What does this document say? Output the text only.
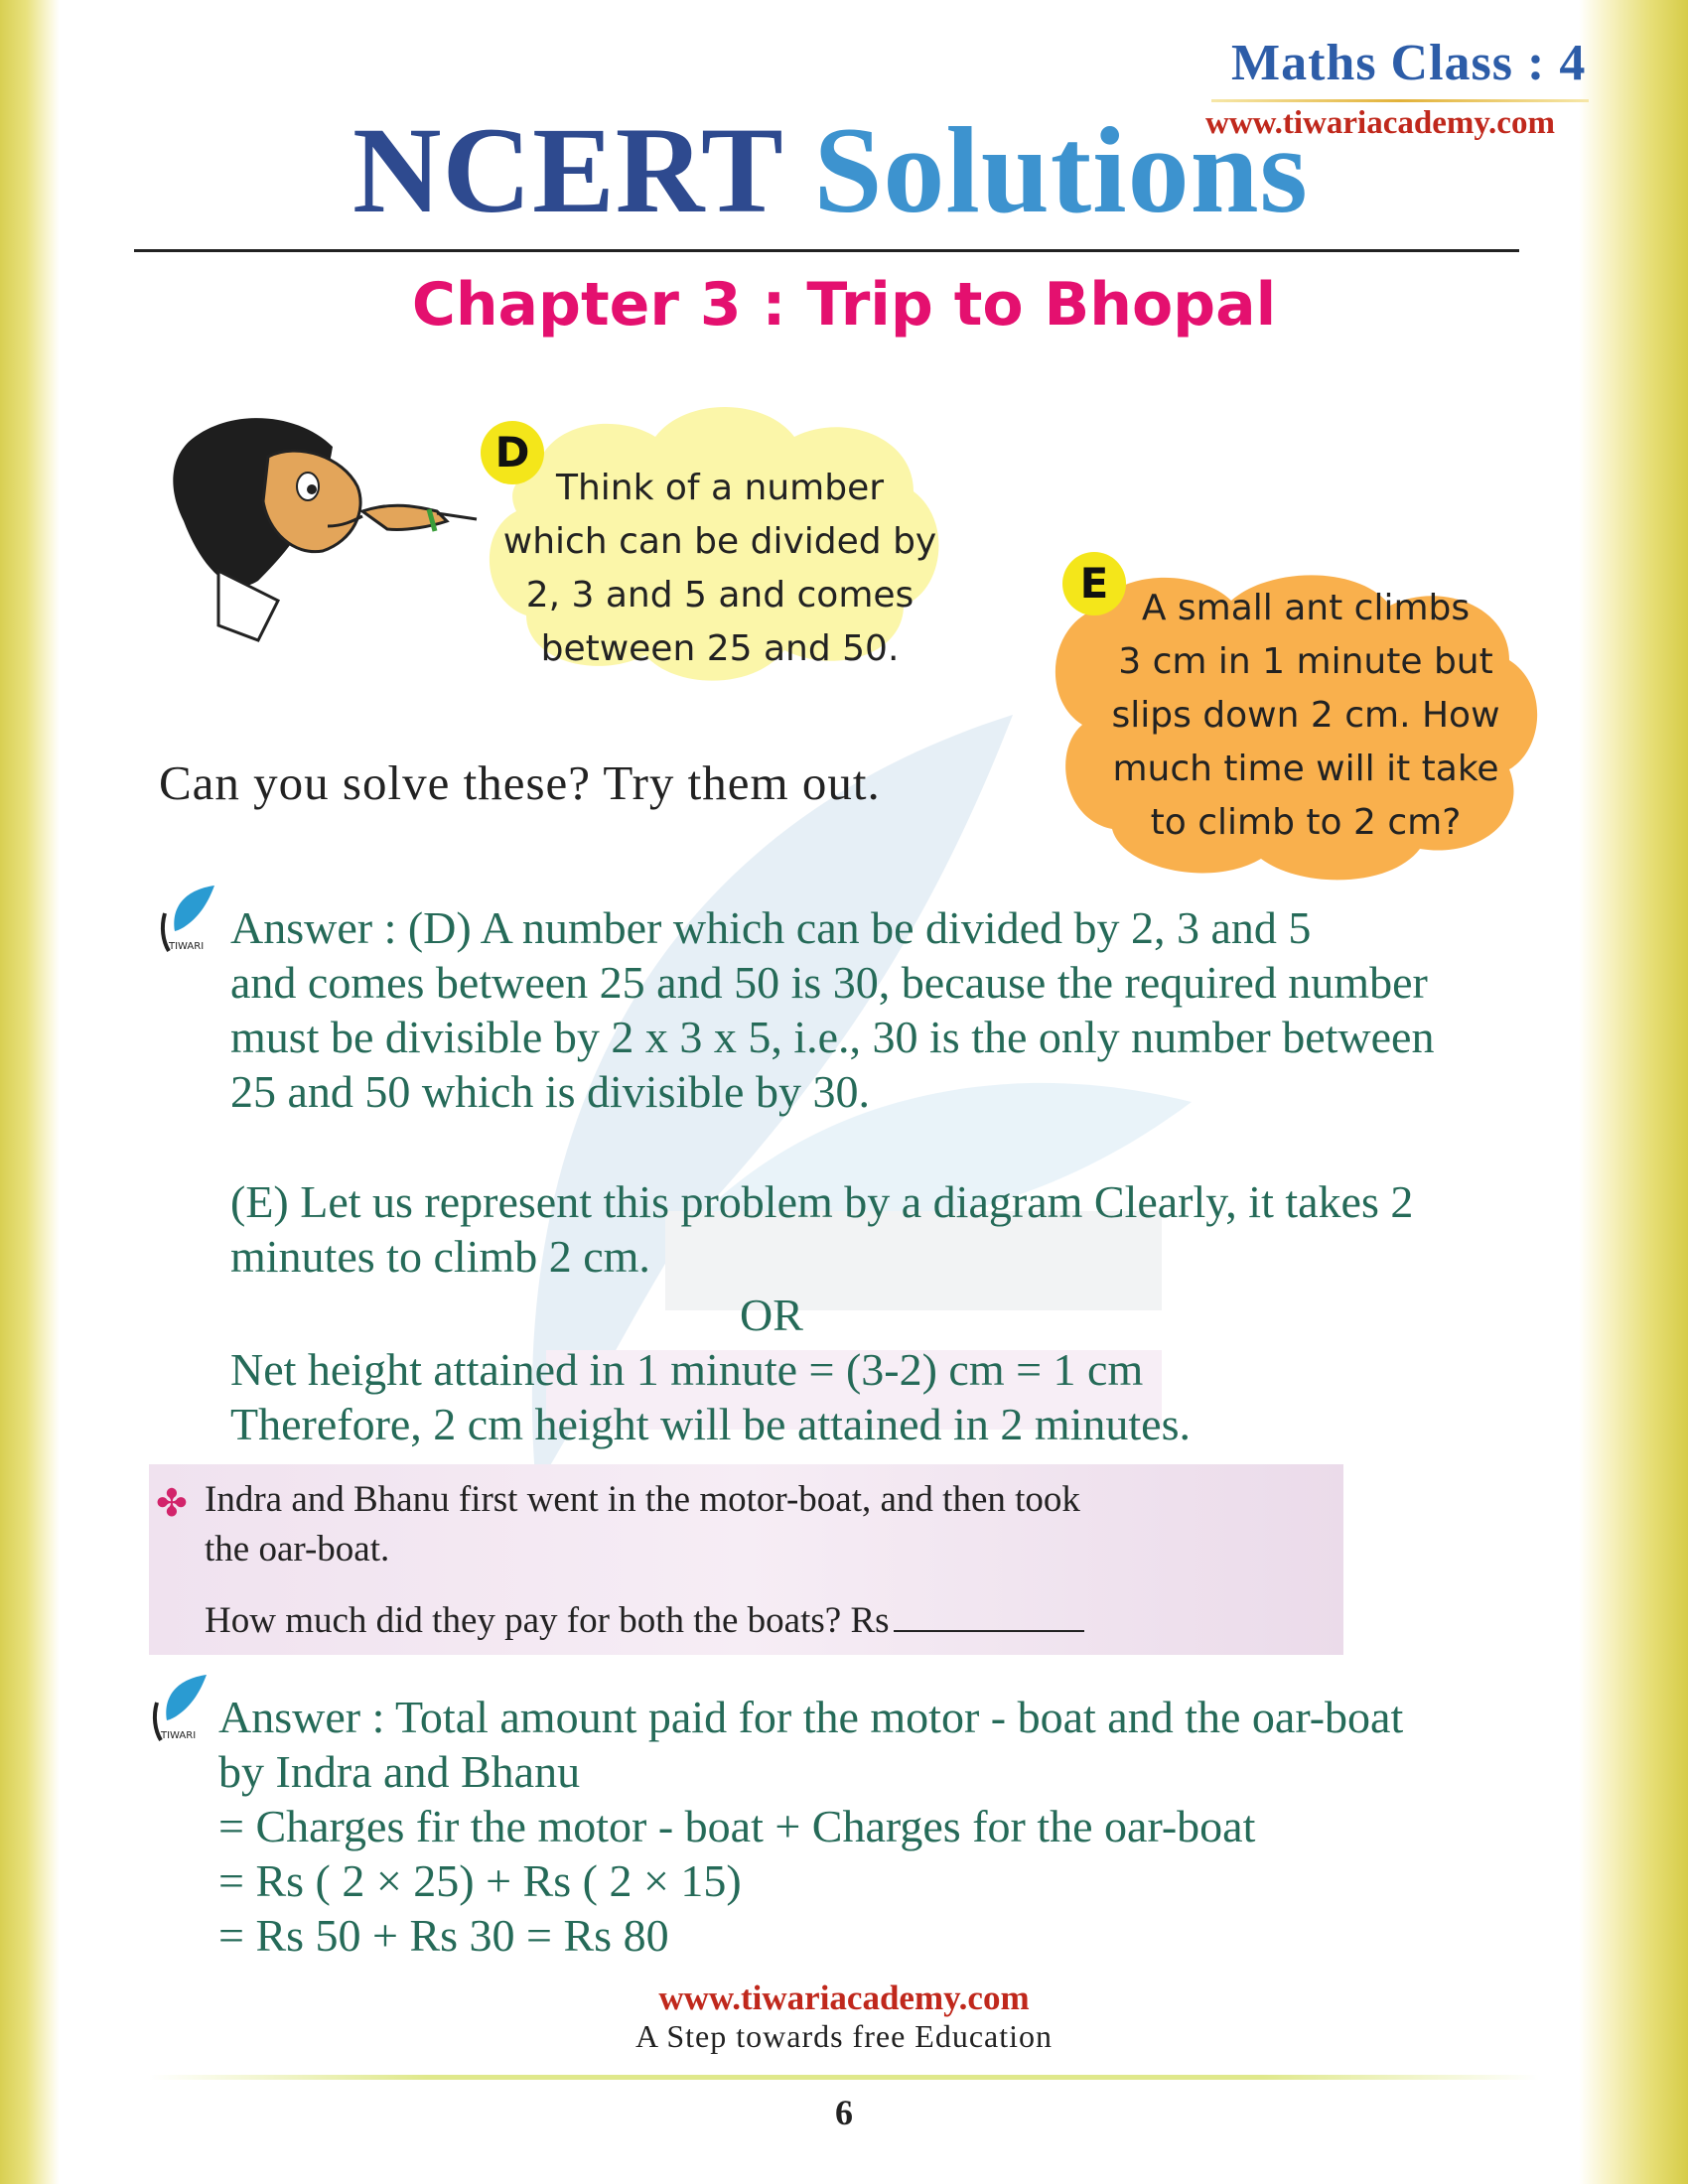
Maths Class : 4
www.tiwariacademy.com
NCERT Solutions
Chapter 3 : Trip to Bhopal
D
Think of a number
which can be divided by
2, 3 and 5 and comes
between 25 and 50.
E
A small ant climbs
3 cm in 1 minute but
slips down 2 cm. How
much time will it take
to climb to 2 cm?
Can you solve these? Try them out.
TIWARI Answer : (D) A number which can be divided by 2, 3 and 5

and comes between 25 and 50 is 30, because the required number

must be divisible by 2 x 3 x 5, i.e., 30 is the only number between

25 and 50 which is divisible by 30.

(E) Let us represent this problem by a diagram Clearly, it takes 2

minutes to climb 2 cm.

OR

Net height attained in 1 minute = (3-2) cm = 1 cm

Therefore, 2 cm height will be attained in 2 minutes.

✤ Indra and Bhanu first went in the motor-boat, and then took
the oar-boat.
How much did they pay for both the boats? Rs
TIWARI Answer : Total amount paid for the motor - boat and the oar-boat

by Indra and Bhanu

= Charges fir the motor - boat + Charges for the oar-boat

= Rs ( 2 × 25) + Rs ( 2 × 15)

= Rs 50 + Rs 30 = Rs 80

www.tiwariacademy.com
A Step towards free Education
6
